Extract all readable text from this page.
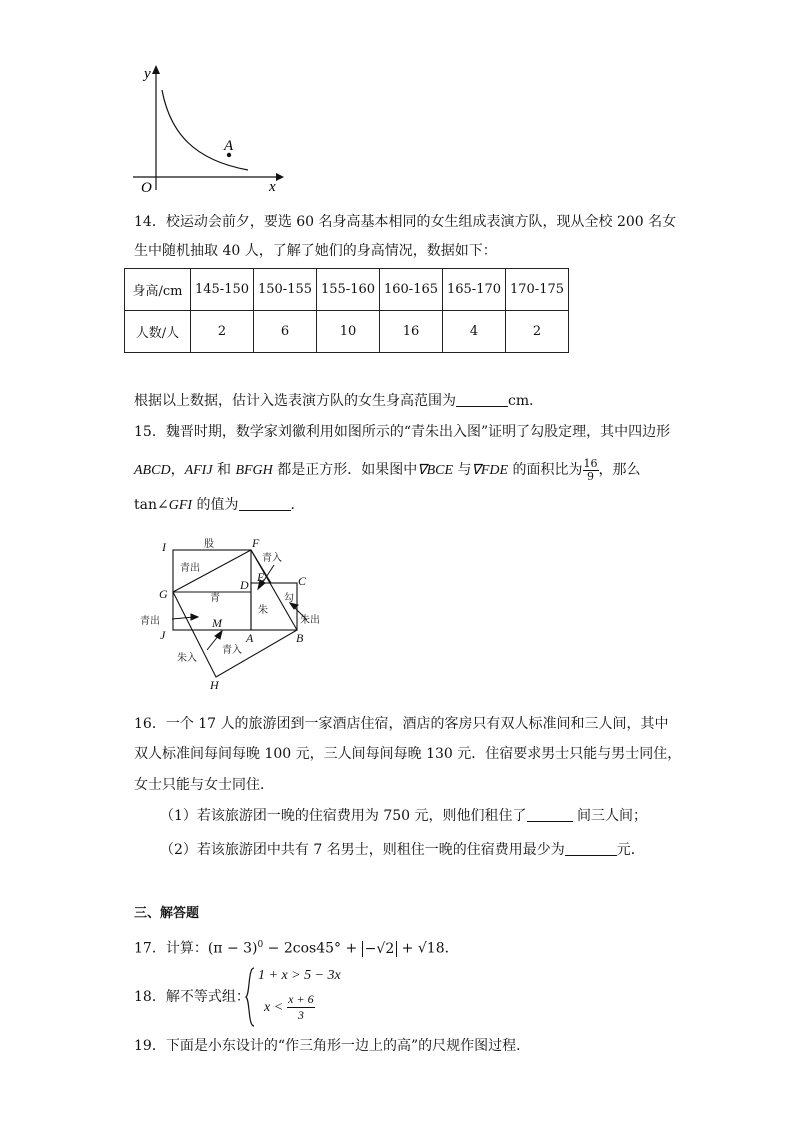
y
x
O
A
14．校运动会前夕，要选 60 名身高基本相同的女生组成表演方队，现从全校 200 名女
生中随机抽取 40 人，了解了她们的身高情况，数据如下：
身高/cm	145-150	150-155	155-160	160-165	165-170	170-175
人数/人	2	6	10	16	4	2
根据以上数据，估计入选表演方队的女生身高范围为	cm．
15．魏晋时期，数学家刘徽利用如图所示的“青朱出入图”证明了勾股定理，其中四边形
ABCD，AFIJ 和 BFGH 都是正方形．如果图中∇BCE 与∇FDE 的面积比为 $\frac{16}{9}$ ，那么
tan∠GFI 的值为	．
I	F
G
J
M
A	B
H
D
E	C
股
青出
青
朱
勾
青入
朱出
青出
朱入
青入
16．一个 17 人的旅游团到一家酒店住宿，酒店的客房只有双人标准间和三人间，其中
双人标准间每间每晚 100 元，三人间每间每晚 130 元．住宿要求男士只能与男士同住，
女士只能与女士同住．
（1）若该旅游团一晚的住宿费用为 750 元，则他们租住了	间三人间；
（2）若该旅游团中共有 7 名男士，则租住一晚的住宿费用最少为	元．
三、解答题
17．计算：$(\pi - 3)^0 - 2\cos 45^\circ + -√2 + √18$．
18．解不等式组：
1 + x > 5 − 3x
$x < \frac{x + 6}{3}$
19．下面是小东设计的“作三角形一边上的高”的尺规作图过程．
